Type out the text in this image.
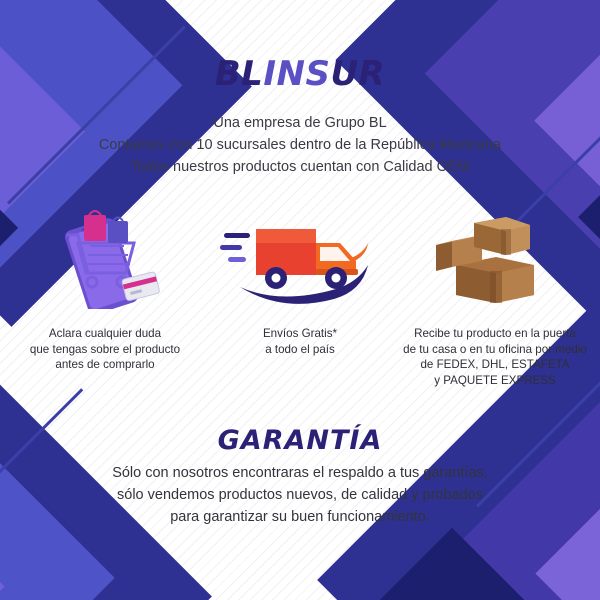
BLINSUR
Una empresa de Grupo BL
Contamos con 10 sucursales dentro de la República Mexicana
Todos nuestros productos cuentan con Calidad OEM
Aclara cualquier duda
que tengas sobre el producto
antes de comprarlo
Envíos Gratis*
a todo el país
Recibe tu producto en la puerta
de tu casa o en tu oficina por medio
de FEDEX, DHL, ESTAFETA
y PAQUETE EXPRESS
GARANTÍA
Sólo con nosotros encontraras el respaldo a tus garantías,
sólo vendemos productos nuevos, de calidad y probados
para garantizar su buen funcionamiento.
